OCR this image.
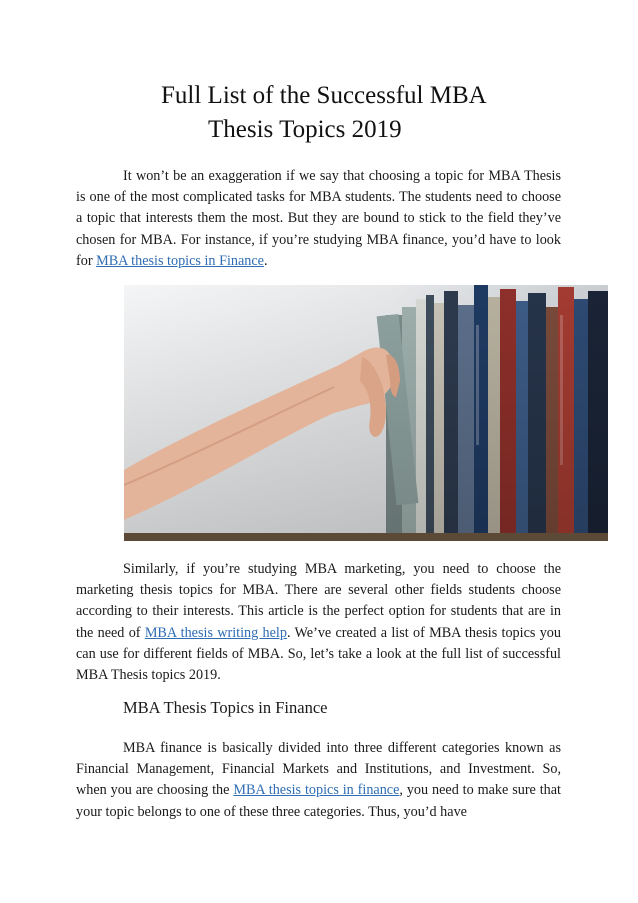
Full List of the Successful MBA
Thesis Topics 2019

It won’t be an exaggeration if we say that choosing a topic for MBA Thesis is one of the most complicated tasks for MBA students. The students need to choose a topic that interests them the most. But they are bound to stick to the field they’ve chosen for MBA. For instance, if you’re studying MBA finance, you’d have to look for MBA thesis topics in Finance.

Similarly, if you’re studying MBA marketing, you need to choose the marketing thesis topics for MBA. There are several other fields students choose according to their interests. This article is the perfect option for students that are in the need of MBA thesis writing help. We’ve created a list of MBA thesis topics you can use for different fields of MBA. So, let’s take a look at the full list of successful MBA Thesis topics 2019.

MBA Thesis Topics in Finance

MBA finance is basically divided into three different categories known as Financial Management, Financial Markets and Institutions, and Investment. So, when you are choosing the MBA thesis topics in finance, you need to make sure that your topic belongs to one of these three categories. Thus, you’d have
